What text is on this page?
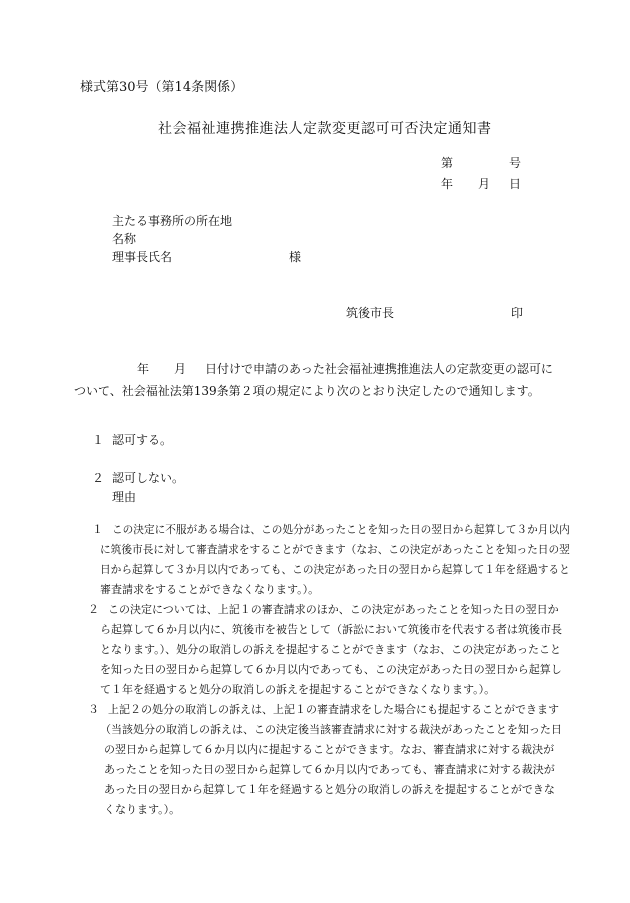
様式第30号（第14条関係）
社会福祉連携推進法人定款変更認可可否決定通知書
第	号
年 月 日
主たる事務所の所在地
名称
理事長氏名	様
筑後市長	印
年 月 日付けで申請のあった社会福祉連携推進法人の定款変更の認可に
ついて、社会福祉法第139条第２項の規定により次のとおり決定したので通知します。
１ 認可する。
２ 認可しない。
理由
１ この決定に不服がある場合は、この処分があったことを知った日の翌日から起算して３か月以内
に筑後市長に対して審査請求をすることができます（なお、この決定があったことを知った日の翌
日から起算して３か月以内であっても、この決定があった日の翌日から起算して１年を経過すると
審査請求をすることができなくなります。）。
２ この決定については、上記１の審査請求のほか、この決定があったことを知った日の翌日か
ら起算して６か月以内に、筑後市を被告として（訴訟において筑後市を代表する者は筑後市長
となります。）、処分の取消しの訴えを提起することができます（なお、この決定があったこと
を知った日の翌日から起算して６か月以内であっても、この決定があった日の翌日から起算し
て１年を経過すると処分の取消しの訴えを提起することができなくなります。）。
３ 上記２の処分の取消しの訴えは、上記１の審査請求をした場合にも提起することができます
（当該処分の取消しの訴えは、この決定後当該審査請求に対する裁決があったことを知った日
の翌日から起算して６か月以内に提起することができます。なお、審査請求に対する裁決が
あったことを知った日の翌日から起算して６か月以内であっても、審査請求に対する裁決が
あった日の翌日から起算して１年を経過すると処分の取消しの訴えを提起することができな
くなります。）。
